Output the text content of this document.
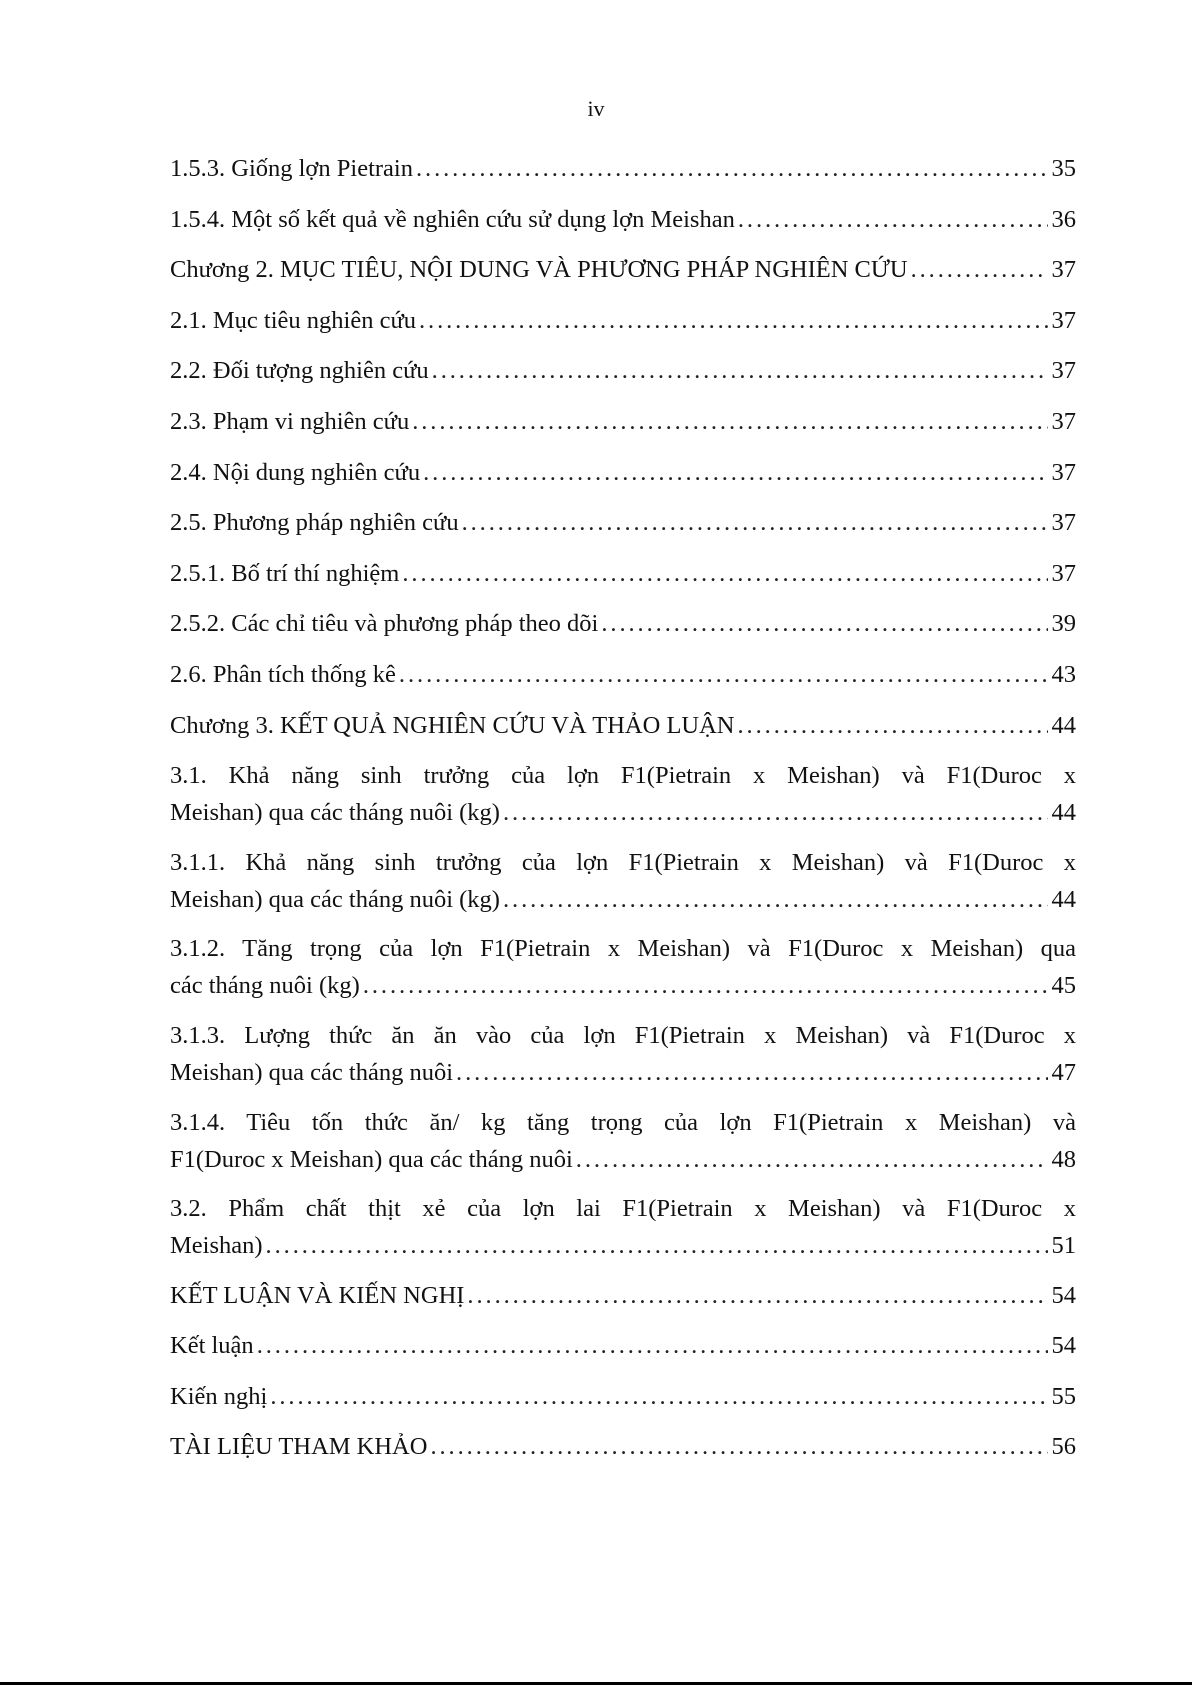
iv
1.5.3. Giống lợn Pietrain . . .	35
1.5.4. Một số kết quả về nghiên cứu sử dụng lợn Meishan . . .	36
Chương 2. MỤC TIÊU, NỘI DUNG VÀ PHƯƠNG PHÁP NGHIÊN CỨU . . .	37
2.1. Mục tiêu nghiên cứu . . .	37
2.2. Đối tượng nghiên cứu . . .	37
2.3. Phạm vi nghiên cứu . . .	37
2.4. Nội dung nghiên cứu . . .	37
2.5. Phương pháp nghiên cứu . . .	37
2.5.1. Bố trí thí nghiệm . . .	37
2.5.2. Các chỉ tiêu và phương pháp theo dõi . . .	39
2.6. Phân tích thống kê . . .	43
Chương 3. KẾT QUẢ NGHIÊN CỨU VÀ THẢO LUẬN . . .	44
3.1. Khả năng sinh trưởng của lợn F1(Pietrain x Meishan) và F1(Duroc x
Meishan) qua các tháng nuôi (kg) . . .	44
3.1.1. Khả năng sinh trưởng của lợn F1(Pietrain x Meishan) và F1(Duroc x
Meishan) qua các tháng nuôi (kg) . . .	44
3.1.2. Tăng trọng của lợn F1(Pietrain x Meishan) và F1(Duroc x Meishan) qua
các tháng nuôi (kg) . . .	45
3.1.3. Lượng thức ăn ăn vào của lợn F1(Pietrain x Meishan) và F1(Duroc x
Meishan) qua các tháng nuôi . . .	47
3.1.4. Tiêu tốn thức ăn/ kg tăng trọng của lợn F1(Pietrain x Meishan) và
F1(Duroc x Meishan) qua các tháng nuôi . . .	48
3.2. Phẩm chất thịt xẻ của lợn lai F1(Pietrain x Meishan) và F1(Duroc x
Meishan) . . .	51
KẾT LUẬN VÀ KIẾN NGHỊ . . .	54
Kết luận . . .	54
Kiến nghị . . .	55
TÀI LIỆU THAM KHẢO . . .	56
